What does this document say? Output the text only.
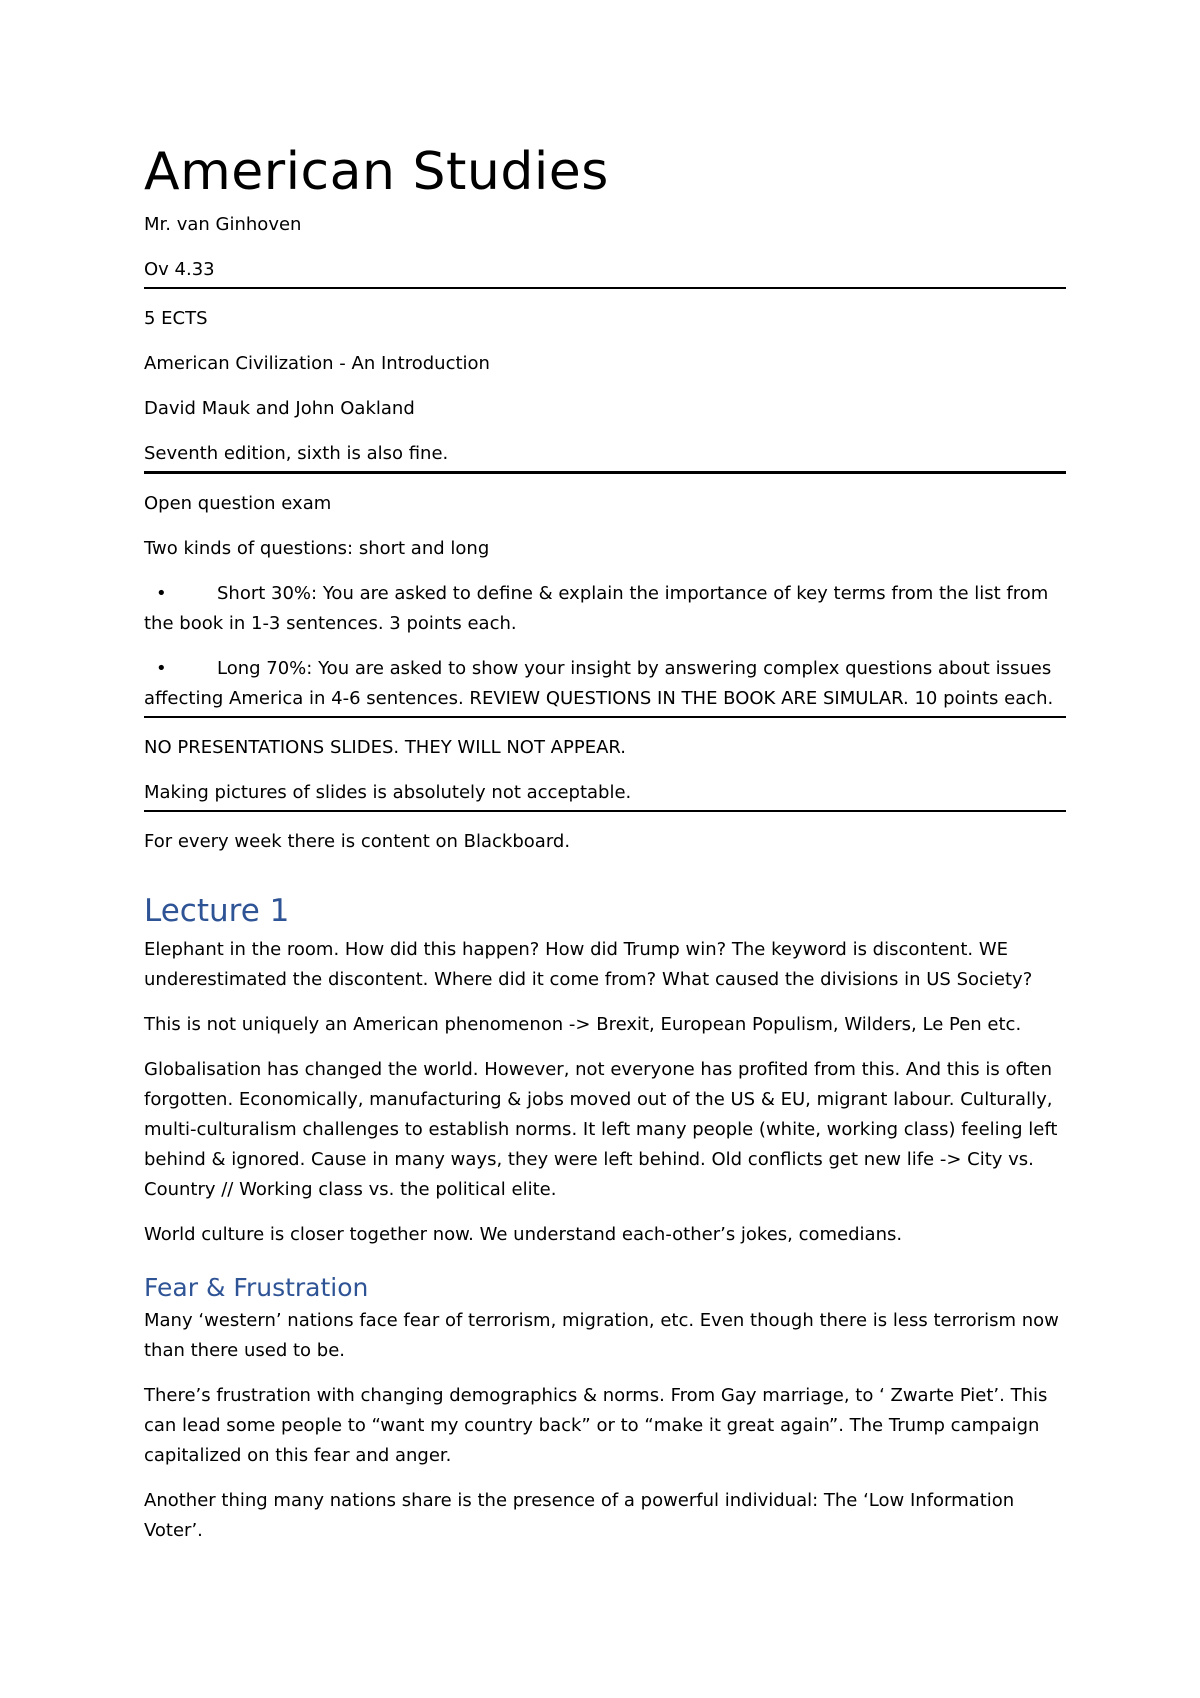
American Studies

Mr. van Ginhoven

Ov 4.33

5 ECTS

American Civilization - An Introduction

David Mauk and John Oakland

Seventh edition, sixth is also fine.

Open question exam

Two kinds of questions: short and long

•	Short 30%: You are asked to define & explain the importance of key terms from the list from the book in 1-3 sentences. 3 points each.

•	Long 70%: You are asked to show your insight by answering complex questions about issues affecting America in 4-6 sentences. REVIEW QUESTIONS IN THE BOOK ARE SIMULAR. 10 points each.

NO PRESENTATIONS SLIDES. THEY WILL NOT APPEAR.

Making pictures of slides is absolutely not acceptable.

For every week there is content on Blackboard.

Lecture 1

Elephant in the room. How did this happen? How did Trump win? The keyword is discontent. WE underestimated the discontent. Where did it come from? What caused the divisions in US Society?

This is not uniquely an American phenomenon -> Brexit, European Populism, Wilders, Le Pen etc.

Globalisation has changed the world. However, not everyone has profited from this. And this is often forgotten. Economically, manufacturing & jobs moved out of the US & EU, migrant labour. Culturally, multi-culturalism challenges to establish norms. It left many people (white, working class) feeling left behind & ignored. Cause in many ways, they were left behind. Old conflicts get new life -> City vs. Country // Working class vs. the political elite.

World culture is closer together now. We understand each-other’s jokes, comedians.

Fear & Frustration

Many ‘western’ nations face fear of terrorism, migration, etc. Even though there is less terrorism now than there used to be.

There’s frustration with changing demographics & norms. From Gay marriage, to ‘ Zwarte Piet’. This can lead some people to “want my country back” or to “make it great again”. The Trump campaign capitalized on this fear and anger.

Another thing many nations share is the presence of a powerful individual: The ‘Low Information Voter’.
